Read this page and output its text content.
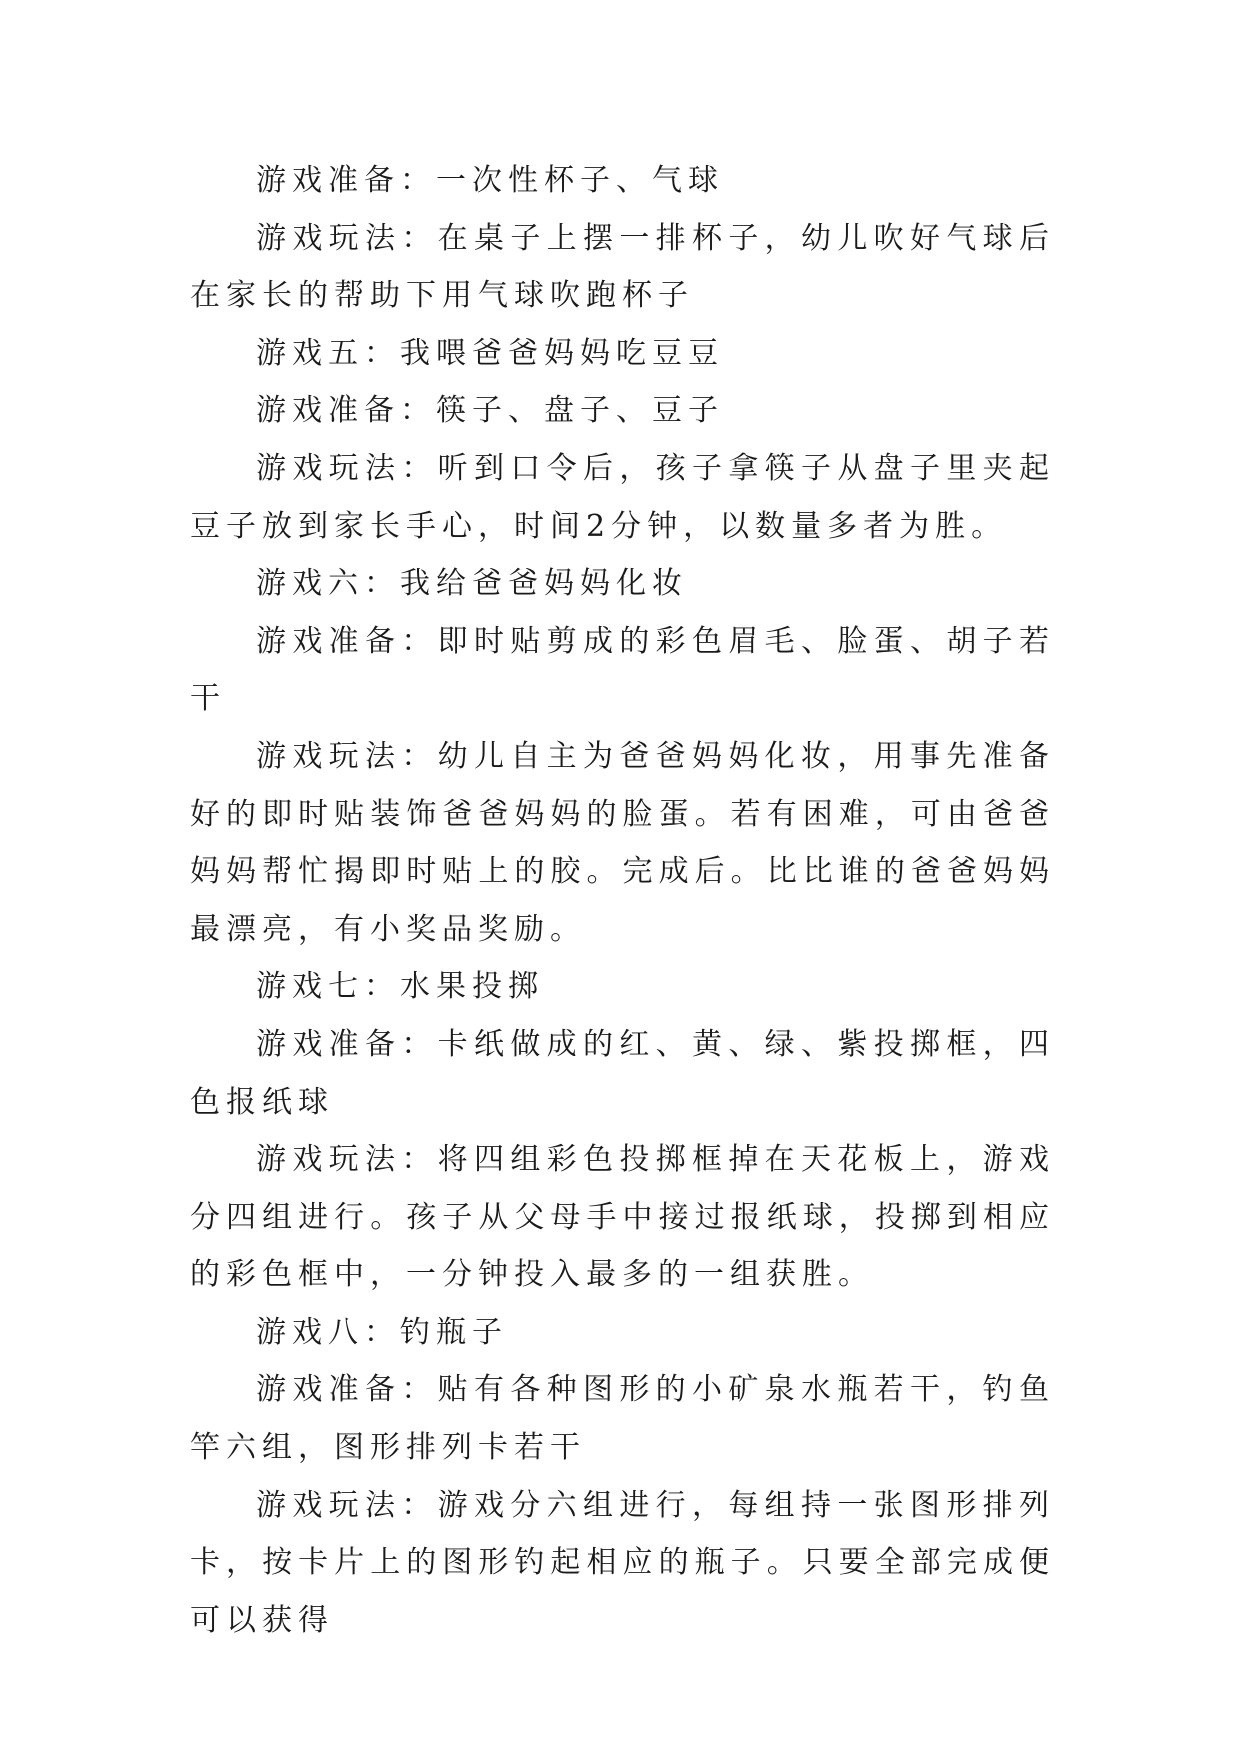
游戏准备：一次性杯子、气球

游戏玩法：在桌子上摆一排杯子，幼儿吹好气球后在家长的帮助下用气球吹跑杯子

游戏五：我喂爸爸妈妈吃豆豆

游戏准备：筷子、盘子、豆子

游戏玩法：听到口令后，孩子拿筷子从盘子里夹起豆子放到家长手心，时间2分钟，以数量多者为胜。

游戏六：我给爸爸妈妈化妆

游戏准备：即时贴剪成的彩色眉毛、脸蛋、胡子若干

游戏玩法：幼儿自主为爸爸妈妈化妆，用事先准备好的即时贴装饰爸爸妈妈的脸蛋。若有困难，可由爸爸妈妈帮忙揭即时贴上的胶。完成后。比比谁的爸爸妈妈最漂亮，有小奖品奖励。

游戏七：水果投掷

游戏准备：卡纸做成的红、黄、绿、紫投掷框，四色报纸球

游戏玩法：将四组彩色投掷框掉在天花板上，游戏分四组进行。孩子从父母手中接过报纸球，投掷到相应的彩色框中，一分钟投入最多的一组获胜。

游戏八：钓瓶子

游戏准备：贴有各种图形的小矿泉水瓶若干，钓鱼竿六组，图形排列卡若干

游戏玩法：游戏分六组进行，每组持一张图形排列卡，按卡片上的图形钓起相应的瓶子。只要全部完成便可以获得
